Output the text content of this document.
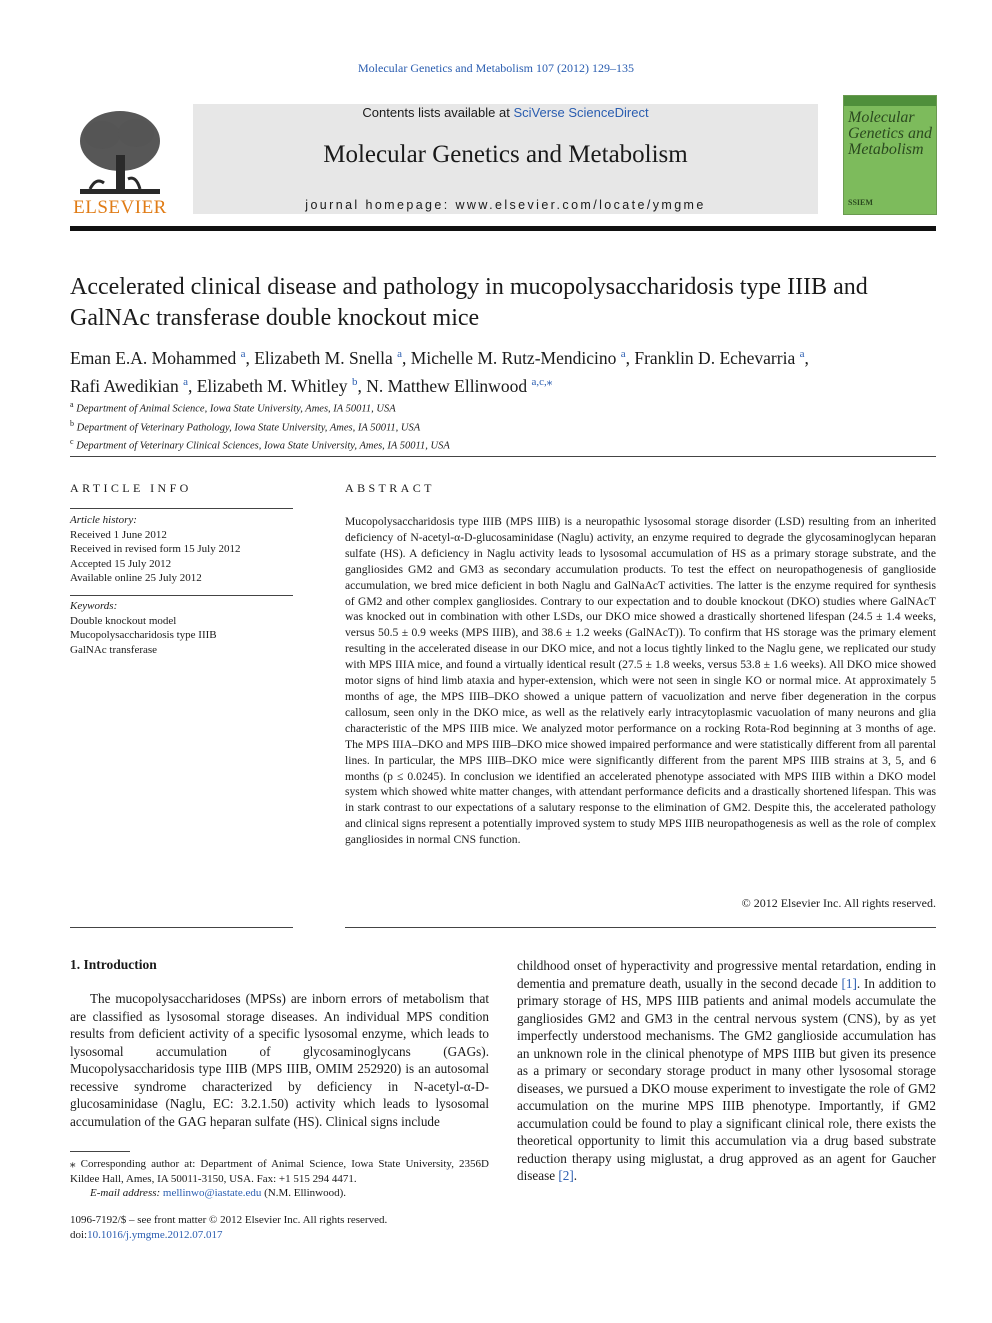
Molecular Genetics and Metabolism 107 (2012) 129–135
ELSEVIER
Contents lists available at SciVerse ScienceDirect
Molecular Genetics and Metabolism
journal homepage: www.elsevier.com/locate/ymgme
Molecular Genetics and Metabolism
SSIEM
Accelerated clinical disease and pathology in mucopolysaccharidosis type IIIB and GalNAc transferase double knockout mice
Eman E.A. Mohammed $^a$, Elizabeth M. Snella $^a$, Michelle M. Rutz-Mendicino $^a$, Franklin D. Echevarria $^a$,
Rafi Awedikian $^a$, Elizabeth M. Whitley $^b$, N. Matthew Ellinwood $^{a,c,⁎}$
$^a$ Department of Animal Science, Iowa State University, Ames, IA 50011, USA
$^b$ Department of Veterinary Pathology, Iowa State University, Ames, IA 50011, USA
$^c$ Department of Veterinary Clinical Sciences, Iowa State University, Ames, IA 50011, USA
ARTICLE INFO
Article history:
Received 1 June 2012
Received in revised form 15 July 2012
Accepted 15 July 2012
Available online 25 July 2012
Keywords:
Double knockout model
Mucopolysaccharidosis type IIIB
GalNAc transferase
ABSTRACT
Mucopolysaccharidosis type IIIB (MPS IIIB) is a neuropathic lysosomal storage disorder (LSD) resulting from an inherited deficiency of N-acetyl-α-D-glucosaminidase (Naglu) activity, an enzyme required to degrade the glycosaminoglycan heparan sulfate (HS). A deficiency in Naglu activity leads to lysosomal accumulation of HS as a primary storage substrate, and the gangliosides GM2 and GM3 as secondary accumulation products. To test the effect on neuropathogenesis of ganglioside accumulation, we bred mice deficient in both Naglu and GalNaAcT activities. The latter is the enzyme required for synthesis of GM2 and other complex gangliosides. Contrary to our expectation and to double knockout (DKO) studies where GalNAcT was knocked out in combination with other LSDs, our DKO mice showed a drastically shortened lifespan (24.5 ± 1.4 weeks, versus 50.5 ± 0.9 weeks (MPS IIIB), and 38.6 ± 1.2 weeks (GalNAcT)). To confirm that HS storage was the primary element resulting in the accelerated disease in our DKO mice, and not a locus tightly linked to the Naglu gene, we replicated our study with MPS IIIA mice, and found a virtually identical result (27.5 ± 1.8 weeks, versus 53.8 ± 1.6 weeks). All DKO mice showed motor signs of hind limb ataxia and hyper-extension, which were not seen in single KO or normal mice. At approximately 5 months of age, the MPS IIIB–DKO showed a unique pattern of vacuolization and nerve fiber degeneration in the corpus callosum, seen only in the DKO mice, as well as the relatively early intracytoplasmic vacuolation of many neurons and glia characteristic of the MPS IIIB mice. We analyzed motor performance on a rocking Rota-Rod beginning at 3 months of age. The MPS IIIA–DKO and MPS IIIB–DKO mice showed impaired performance and were statistically different from all parental lines. In particular, the MPS IIIB–DKO mice were significantly different from the parent MPS IIIB strains at 3, 5, and 6 months (p ≤ 0.0245). In conclusion we identified an accelerated phenotype associated with MPS IIIB within a DKO model system which showed white matter changes, with attendant performance deficits and a drastically shortened lifespan. This was in stark contrast to our expectations of a salutary response to the elimination of GM2. Despite this, the accelerated pathology and clinical signs represent a potentially improved system to study MPS IIIB neuropathogenesis as well as the role of complex gangliosides in normal CNS function.
© 2012 Elsevier Inc. All rights reserved.
1. Introduction

The mucopolysaccharidoses (MPSs) are inborn errors of metabolism that are classified as lysosomal storage diseases. An individual MPS condition results from deficient activity of a specific lysosomal enzyme, which leads to lysosomal accumulation of glycosaminoglycans (GAGs). Mucopolysaccharidosis type IIIB (MPS IIIB, OMIM 252920) is an autosomal recessive syndrome characterized by deficiency in N-acetyl-α-D-glucosaminidase (Naglu, EC: 3.2.1.50) activity which leads to lysosomal accumulation of the GAG heparan sulfate (HS). Clinical signs include

childhood onset of hyperactivity and progressive mental retardation, ending in dementia and premature death, usually in the second decade [1]. In addition to primary storage of HS, MPS IIIB patients and animal models accumulate the gangliosides GM2 and GM3 in the central nervous system (CNS), by as yet imperfectly understood mechanisms. The GM2 ganglioside accumulation has an unknown role in the clinical phenotype of MPS IIIB but given its presence as a primary or secondary storage product in many other lysosomal storage diseases, we pursued a DKO mouse experiment to investigate the role of GM2 accumulation on the murine MPS IIIB phenotype. Importantly, if GM2 accumulation could be found to play a significant clinical role, there exists the theoretical opportunity to limit this accumulation via a drug based substrate reduction therapy using miglustat, a drug approved as an agent for Gaucher disease [2].

⁎ Corresponding author at: Department of Animal Science, Iowa State University, 2356D Kildee Hall, Ames, IA 50011-3150, USA. Fax: +1 515 294 4471.
E-mail address: mellinwo@iastate.edu (N.M. Ellinwood).
1096-7192/$ – see front matter © 2012 Elsevier Inc. All rights reserved.
doi:10.1016/j.ymgme.2012.07.017
